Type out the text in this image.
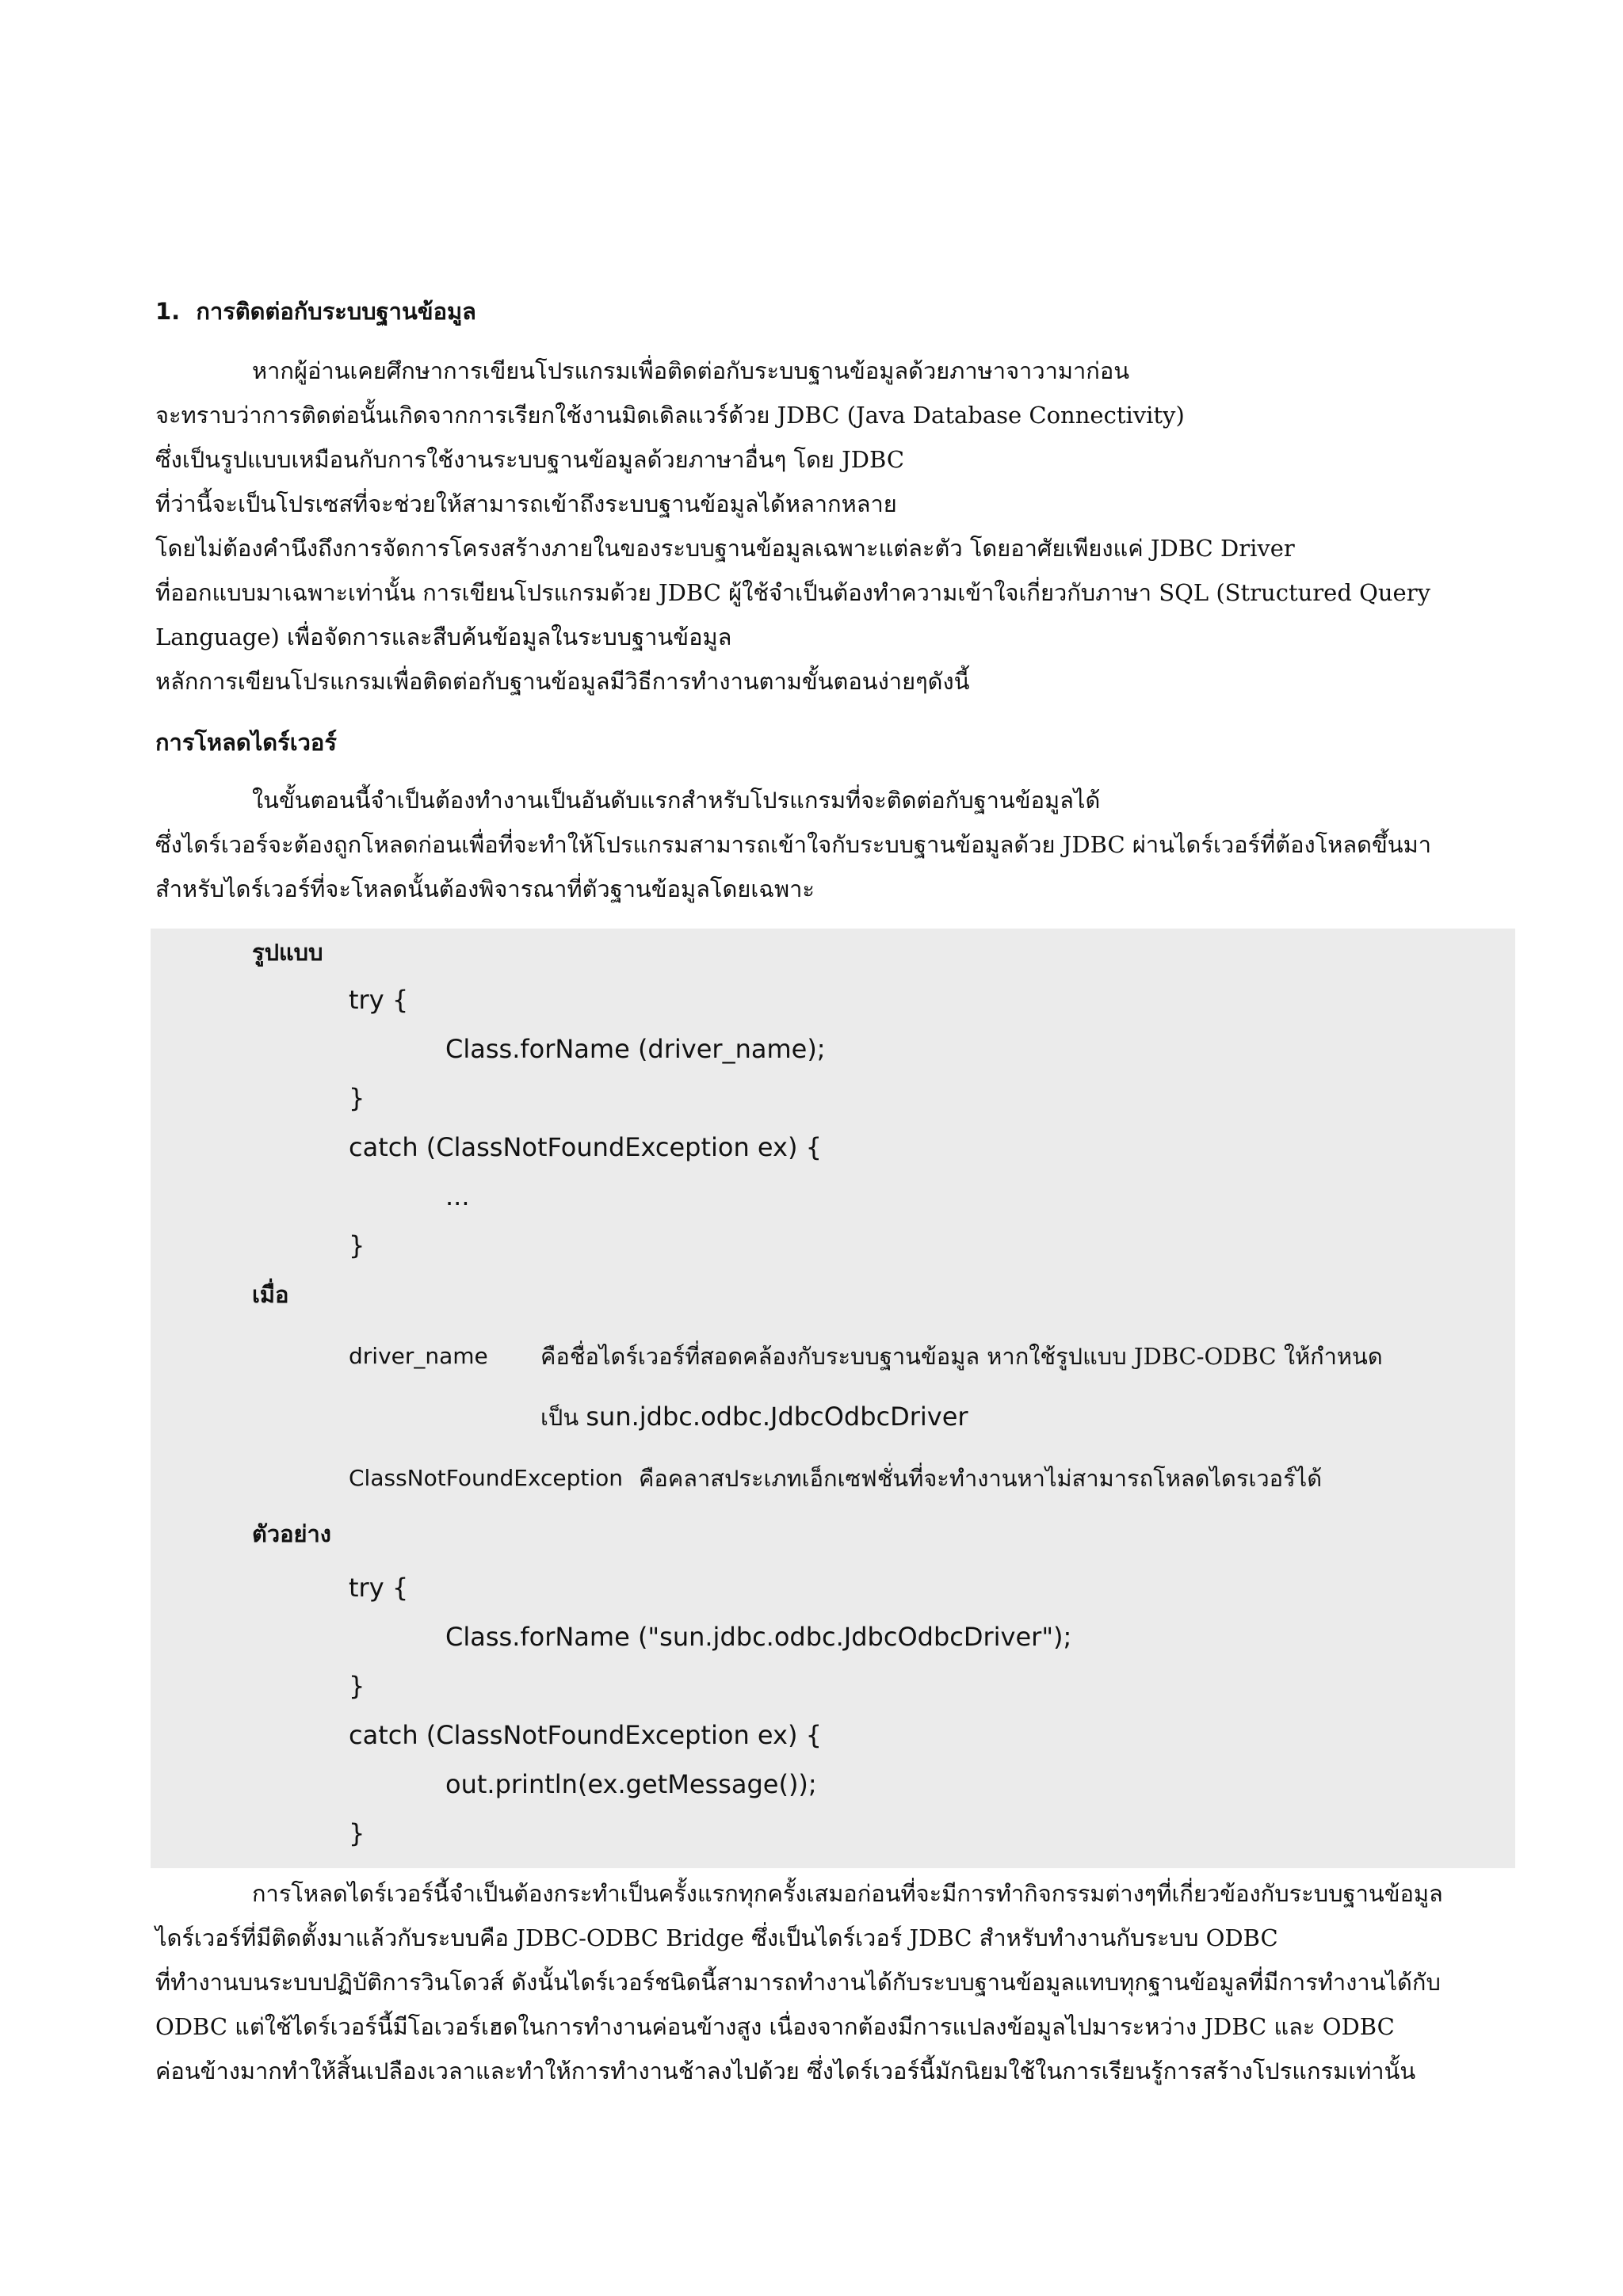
1. การติดต่อกับระบบฐานข้อมูล
หากผู้อ่านเคยศึกษาการเขียนโปรแกรมเพื่อติดต่อกับระบบฐานข้อมูลด้วยภาษาจาวามาก่อน
จะทราบว่าการติดต่อนั้นเกิดจากการเรียกใช้งานมิดเดิลแวร์ด้วย JDBC (Java Database Connectivity)
ซึ่งเป็นรูปแบบเหมือนกับการใช้งานระบบฐานข้อมูลด้วยภาษาอื่นๆ โดย JDBC
ที่ว่านี้จะเป็นโปรเซสที่จะช่วยให้สามารถเข้าถึงระบบฐานข้อมูลได้หลากหลาย
โดยไม่ต้องคำนึงถึงการจัดการโครงสร้างภายในของระบบฐานข้อมูลเฉพาะแต่ละตัว โดยอาศัยเพียงแค่ JDBC Driver
ที่ออกแบบมาเฉพาะเท่านั้น การเขียนโปรแกรมด้วย JDBC ผู้ใช้จำเป็นต้องทำความเข้าใจเกี่ยวกับภาษา SQL (Structured Query
Language) เพื่อจัดการและสืบค้นข้อมูลในระบบฐานข้อมูล
หลักการเขียนโปรแกรมเพื่อติดต่อกับฐานข้อมูลมีวิธีการทำงานตามขั้นตอนง่ายๆดังนี้
การโหลดไดร์เวอร์
ในขั้นตอนนี้จำเป็นต้องทำงานเป็นอันดับแรกสำหรับโปรแกรมที่จะติดต่อกับฐานข้อมูลได้
ซึ่งไดร์เวอร์จะต้องถูกโหลดก่อนเพื่อที่จะทำให้โปรแกรมสามารถเข้าใจกับระบบฐานข้อมูลด้วย JDBC ผ่านไดร์เวอร์ที่ต้องโหลดขึ้นมา
สำหรับไดร์เวอร์ที่จะโหลดนั้นต้องพิจารณาที่ตัวฐานข้อมูลโดยเฉพาะ
รูปแบบ
try {
Class.forName (driver_name);
}
catch (ClassNotFoundException ex) {
...
}
เมื่อ
driver_name คือชื่อไดร์เวอร์ที่สอดคล้องกับระบบฐานข้อมูล หากใช้รูปแบบ JDBC-ODBC ให้กำหนด
เป็น sun.jdbc.odbc.JdbcOdbcDriver
ClassNotFoundException คือคลาสประเภทเอ็กเซฟชั่นที่จะทำงานหาไม่สามารถโหลดไดรเวอร์ได้
ตัวอย่าง
try {
Class.forName ("sun.jdbc.odbc.JdbcOdbcDriver");
}
catch (ClassNotFoundException ex) {
out.println(ex.getMessage());
}
การโหลดไดร์เวอร์นี้จำเป็นต้องกระทำเป็นครั้งแรกทุกครั้งเสมอก่อนที่จะมีการทำกิจกรรมต่างๆที่เกี่ยวข้องกับระบบฐานข้อมูล
ไดร์เวอร์ที่มีติดตั้งมาแล้วกับระบบคือ JDBC-ODBC Bridge ซึ่งเป็นไดร์เวอร์ JDBC สำหรับทำงานกับระบบ ODBC
ที่ทำงานบนระบบปฏิบัติการวินโดวส์ ดังนั้นไดร์เวอร์ชนิดนี้สามารถทำงานได้กับระบบฐานข้อมูลแทบทุกฐานข้อมูลที่มีการทำงานได้กับ
ODBC แต่ใช้ไดร์เวอร์นี้มีโอเวอร์เฮดในการทำงานค่อนข้างสูง เนื่องจากต้องมีการแปลงข้อมูลไปมาระหว่าง JDBC และ ODBC
ค่อนข้างมากทำให้สิ้นเปลืองเวลาและทำให้การทำงานช้าลงไปด้วย ซึ่งไดร์เวอร์นี้มักนิยมใช้ในการเรียนรู้การสร้างโปรแกรมเท่านั้น
